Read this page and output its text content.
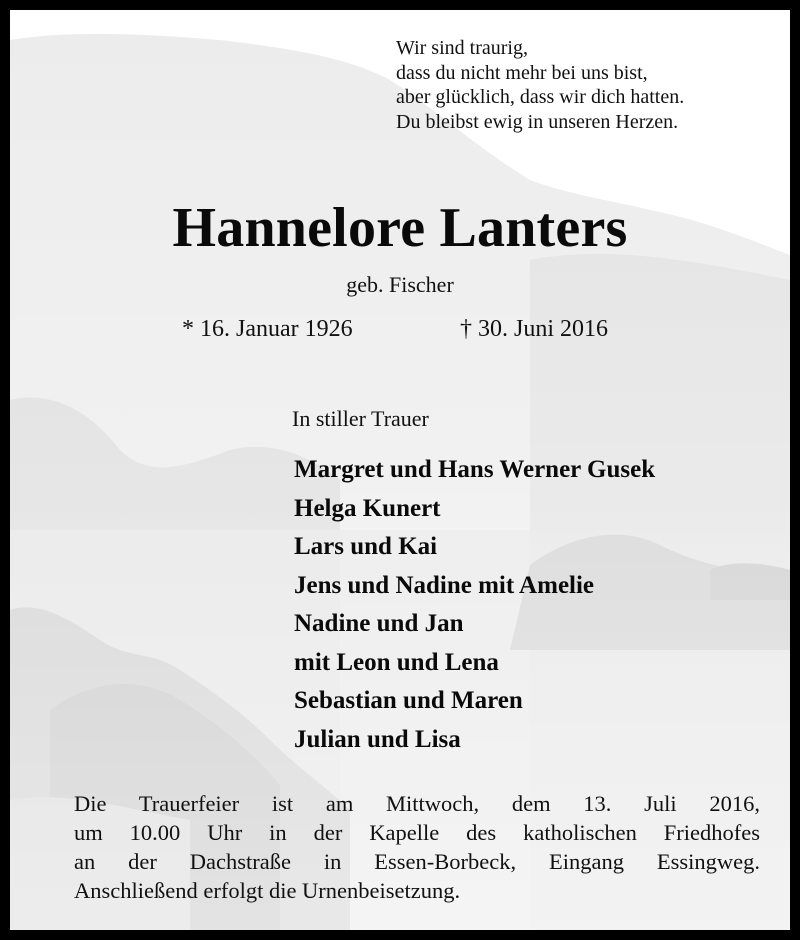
Wir sind traurig,
dass du nicht mehr bei uns bist,
aber glücklich, dass wir dich hatten.
Du bleibst ewig in unseren Herzen.
Hannelore Lanters
geb. Fischer
* 16. Januar 1926	† 30. Juni 2016
In stiller Trauer
Margret und Hans Werner Gusek
Helga Kunert
Lars und Kai
Jens und Nadine mit Amelie
Nadine und Jan
mit Leon und Lena
Sebastian und Maren
Julian und Lisa
Die Trauerfeier ist am Mittwoch, dem 13. Juli 2016,
um 10.00 Uhr in der Kapelle des katholischen Friedhofes
an der Dachstraße in Essen-Borbeck, Eingang Essingweg.
Anschließend erfolgt die Urnenbeisetzung.
